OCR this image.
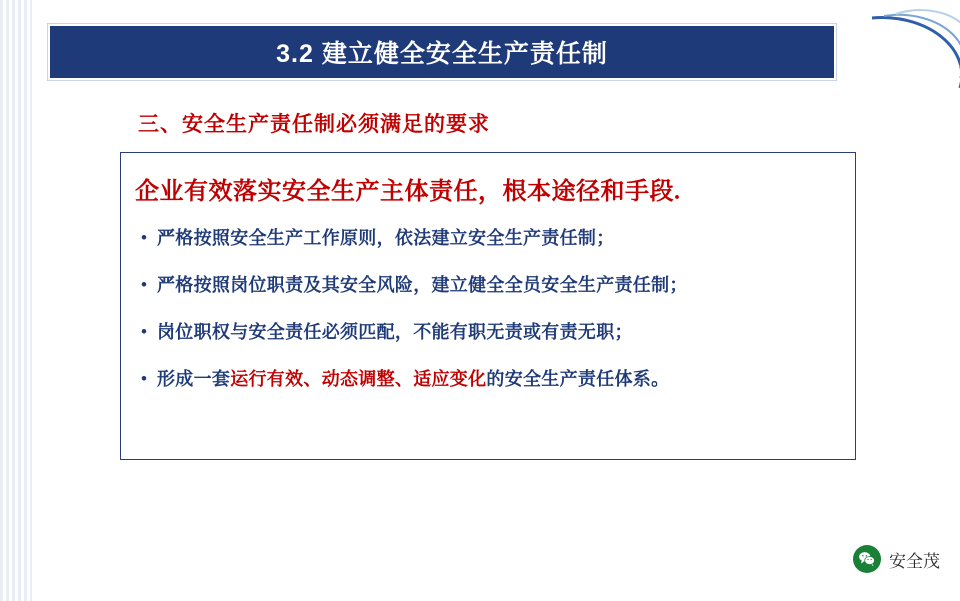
3.2 建立健全安全生产责任制
三、安全生产责任制必须满足的要求
企业有效落实安全生产主体责任，根本途径和手段.
• 严格按照安全生产工作原则，依法建立安全生产责任制；
• 严格按照岗位职责及其安全风险，建立健全全员安全生产责任制；
• 岗位职权与安全责任必须匹配，不能有职无责或有责无职；
• 形成一套运行有效、动态调整、适应变化的安全生产责任体系。
安全茂
